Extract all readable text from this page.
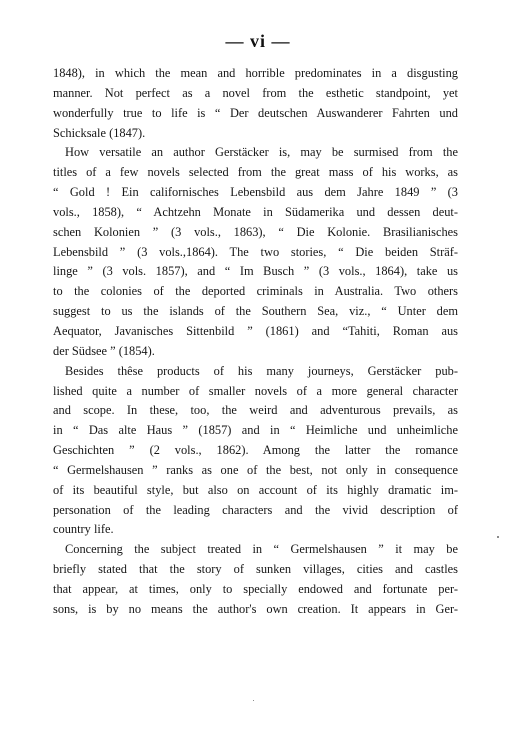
— vi —
1848), in which the mean and horrible predominates in a disgusting
manner. Not perfect as a novel from the esthetic standpoint, yet
wonderfully true to life is “ Der deutschen Auswanderer Fahrten und
Schicksale (1847).
How versatile an author Gerstäcker is, may be surmised from the
titles of a few novels selected from the great mass of his works, as
“ Gold ! Ein californisches Lebensbild aus dem Jahre 1849 ” (3
vols., 1858), “ Achtzehn Monate in Südamerika und dessen deut-
schen Kolonien ” (3 vols., 1863), “ Die Kolonie. Brasilianisches
Lebensbild ” (3 vols.,1864). The two stories, “ Die beiden Sträf-
linge ” (3 vols. 1857), and “ Im Busch ” (3 vols., 1864), take us
to the colonies of the deported criminals in Australia. Two others
suggest to us the islands of the Southern Sea, viz., “ Unter dem
Aequator, Javanisches Sittenbild ” (1861) and “Tahiti, Roman aus
der Südsee ” (1854).
Besides thêse products of his many journeys, Gerstäcker pub-
lished quite a number of smaller novels of a more general character
and scope. In these, too, the weird and adventurous prevails, as
in “ Das alte Haus ” (1857) and in “ Heimliche und unheimliche
Geschichten ” (2 vols., 1862). Among the latter the romance
“ Germelshausen ” ranks as one of the best, not only in consequence
of its beautiful style, but also on account of its highly dramatic im-
personation of the leading characters and the vivid description of
country life.
Concerning the subject treated in “ Germelshausen ” it may be
briefly stated that the story of sunken villages, cities and castles
that appear, at times, only to specially endowed and fortunate per-
sons, is by no means the author's own creation. It appears in Ger-
